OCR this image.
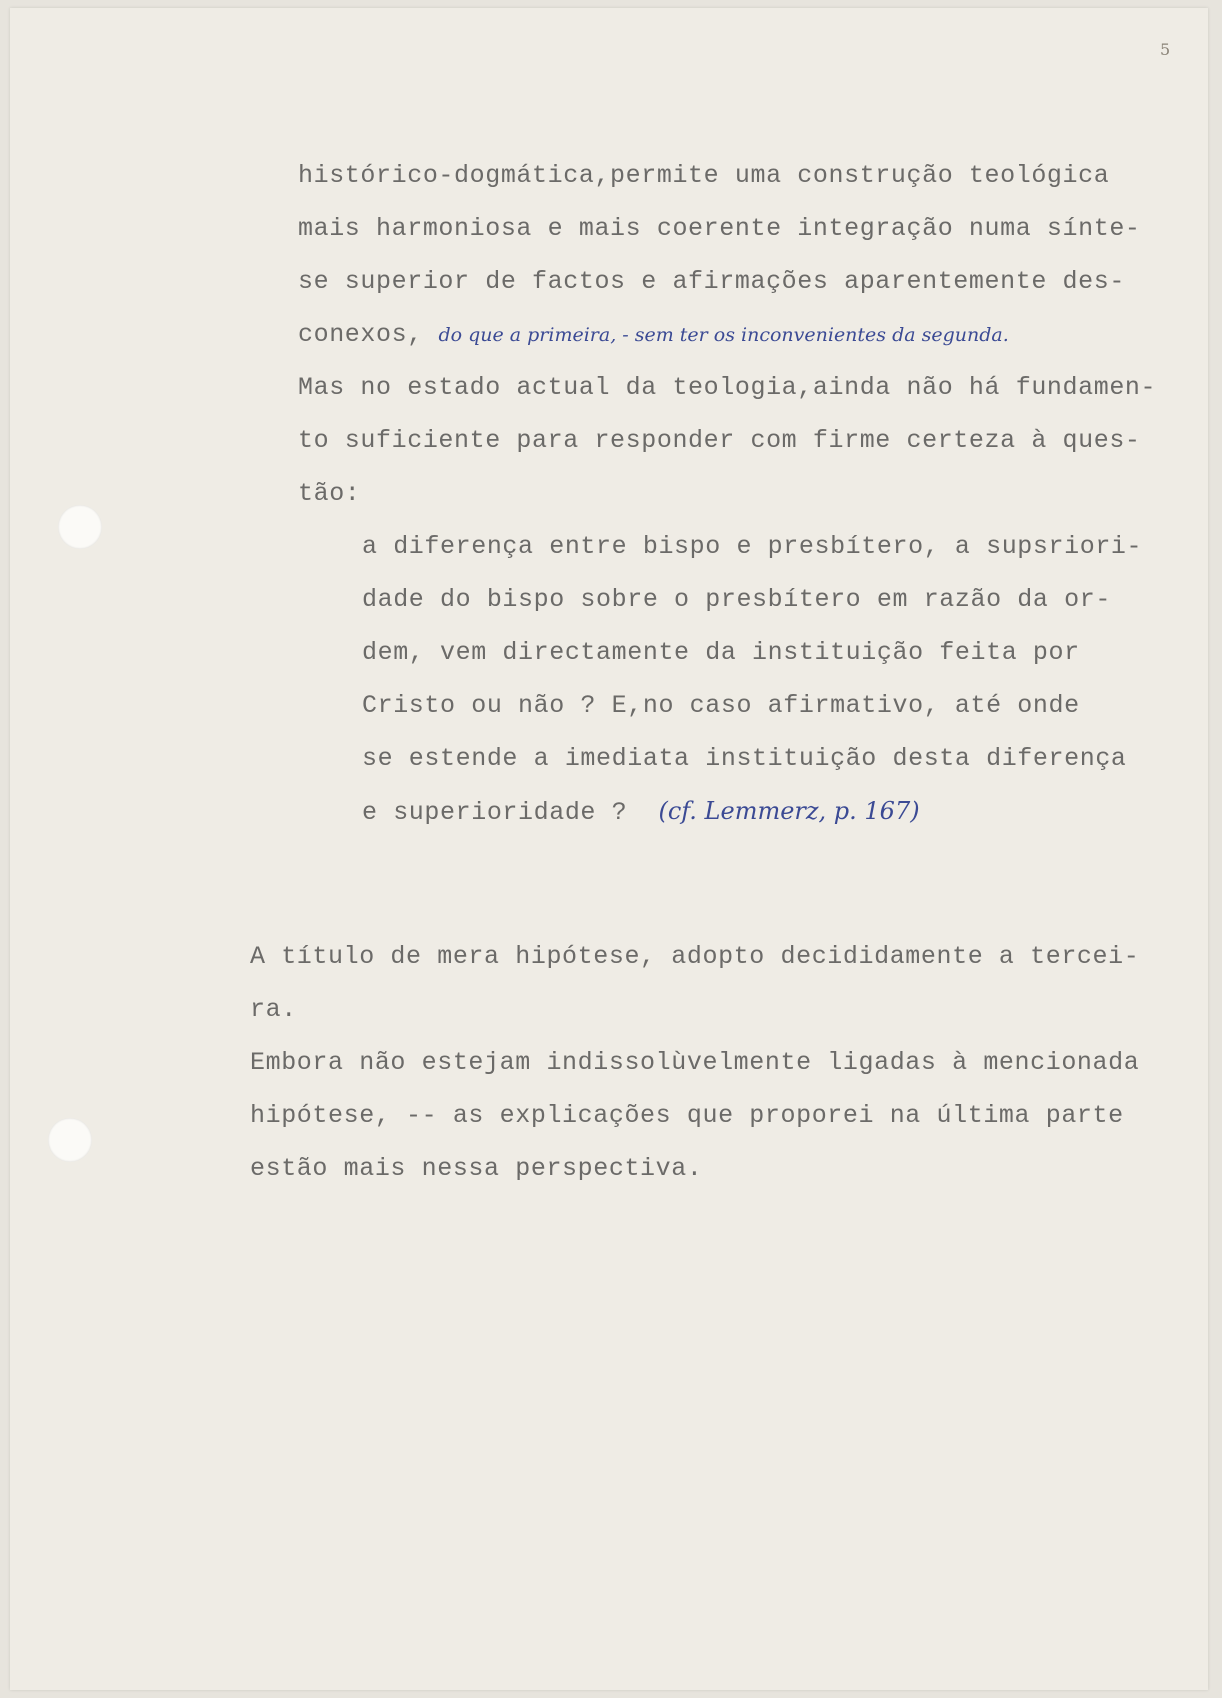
5
histórico-dogmática,permite uma construção teológica
mais harmoniosa e mais coerente integração numa sínte-
se superior de factos e afirmações aparentemente des-
conexos, do que a primeira, - sem ter os inconvenientes da segunda.
Mas no estado actual da teologia,ainda não há fundamen-
to suficiente para responder com firme certeza à ques-
tão:
a diferença entre bispo e presbítero, a supsriori-
dade do bispo sobre o presbítero em razão da or-
dem, vem directamente da instituição feita por
Cristo ou não ? E,no caso afirmativo, até onde
se estende a imediata instituição desta diferença
e superioridade ? (cf. Lemmerz, p. 167)
A título de mera hipótese, adopto decididamente a tercei-
ra.
Embora não estejam indissolùvelmente ligadas à mencionada
hipótese, -- as explicações que proporei na última parte
estão mais nessa perspectiva.
